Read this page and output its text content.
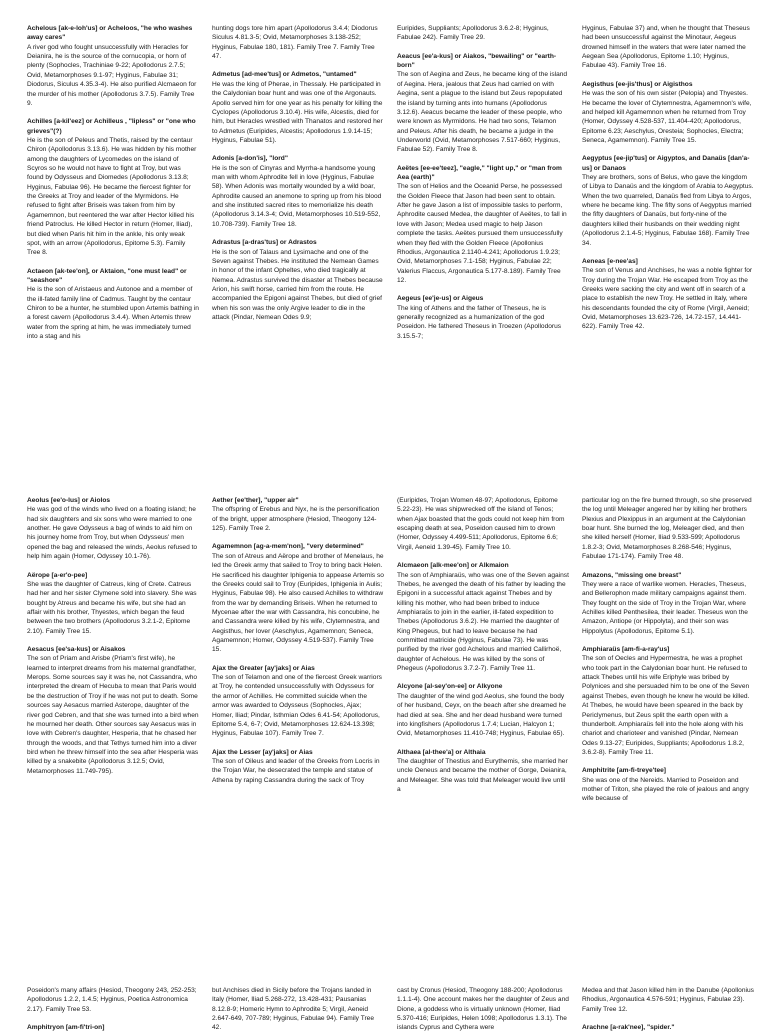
Achelous [ak-e-loh'us] or Acheloos, "he who washes away cares"
A river god who fought unsuccessfully with Heracles for Deianira, he is the source of the cornucopia, or horn of plenty (Sophocles, Trachiniae 9-22; Apollodorus 2.7.5; Ovid, Metamorphoses 9.1-97; Hyginus, Fabulae 31; Diodorus, Siculus 4.35.3-4). He also purified Alcmaeon for the murder of his mother (Apollodorus 3.7.5). Family Tree 9.
Achilles [a-kil'eez] or Achilleus , "lipless" or "one who grieves"(?)
He is the son of Peleus and Thetis, raised by the centaur Chiron (Apollodorus 3.13.6). He was hidden by his mother among the daughters of Lycomedes on the island of Scyros so he would not have to fight at Troy, but was found by Odysseus and Diomedes (Apollodorus 3.13.8; Hyginus, Fabulae 96). He became the fiercest fighter for the Greeks at Troy and leader of the Myrmidons. He refused to fight after Briseis was taken from him by Agamemnon, but reentered the war after Hector killed his friend Patroclus. He killed Hector in return (Homer, Iliad), but died when Paris hit him in the ankle, his only weak spot, with an arrow (Apollodorus, Epitome 5.3). Family Tree 8.
Actaeon [ak-tee'on], or Aktaion, "one must lead" or "seashore"
He is the son of Aristaeus and Autonoe and a member of the ill-fated family line of Cadmus. Taught by the centaur Chiron to be a hunter, he stumbled upon Artemis bathing in a forest cavern (Apollodorus 3.4.4). When Artemis threw water from the spring at him, he was immediately turned into a stag and his
hunting dogs tore him apart (Apollodorus 3.4.4; Diodorus Siculus 4.81.3-5; Ovid, Metamorphoses 3.138-252; Hyginus, Fabulae 180, 181). Family Tree 7. Family Tree 47.
Admetus [ad-mee'tus] or Admetos, "untamed"
He was the king of Pherae, in Thessaly. He participated in the Calydonian boar hunt and was one of the Argonauts. Apollo served him for one year as his penalty for killing the Cyclopes (Apollodorus 3.10.4). His wife, Alcestis, died for him, but Heracles wrestled with Thanatos and restored her to Admetus (Euripides, Alcestis; Apollodorus 1.9.14-15; Hyginus, Fabulae 51).
Adonis [a-don'is], "lord"
He is the son of Cinyras and Myrrha-a handsome young man with whom Aphrodite fell in love (Hyginus, Fabulae 58). When Adonis was mortally wounded by a wild boar, Aphrodite caused an anemone to spring up from his blood and she instituted sacred rites to memorialize his death (Apollodorus 3.14.3-4; Ovid, Metamorphoses 10.519-552, 10.708-739). Family Tree 18.
Adrastus [a-dras'tus] or Adrastos
He is the son of Talaus and Lysimache and one of the Seven against Thebes. He instituted the Nemean Games in honor of the infant Opheltes, who died tragically at Nemea. Adrastus survived the disaster at Thebes because Arion, his swift horse, carried him from the route. He accompanied the Epigoni against Thebes, but died of grief when his son was the only Argive leader to die in the attack (Pindar, Nemean Odes 9.9;
Euripides, Suppliants; Apollodorus 3.6.2-8; Hyginus, Fabulae 242). Family Tree 29.
Aeacus [ee'a-kus] or Aiakos, "bewailing" or "earth-born"
The son of Aegina and Zeus, he became king of the island of Aegina. Hera, jealous that Zeus had carried on with Aegina, sent a plague to the island but Zeus repopulated the island by turning ants into humans (Apollodorus 3.12.6). Aeacus became the leader of these people, who were known as Myrmidons. He had two sons, Telamon and Peleus. After his death, he became a judge in the Underworld (Ovid, Metamorphoses 7.517-660; Hyginus, Fabulae 52). Family Tree 8.
Aeëtes [ee-ee'teez], "eagle," "light up," or "man from Aea (earth)"
The son of Helios and the Oceanid Perse, he possessed the Golden Fleece that Jason had been sent to obtain. After he gave Jason a list of impossible tasks to perform, Aphrodite caused Medea, the daughter of Aeëtes, to fall in love with Jason; Medea used magic to help Jason complete the tasks. Aeëtes pursued them unsuccessfully when they fled with the Golden Fleece (Apollonius Rhodius, Argonautica 2.1140-4.241; Apollodorus 1.9.23; Ovid, Metamorphoses 7.1-158; Hyginus, Fabulae 22; Valerius Flaccus, Argonautica 5.177-8.189). Family Tree 12.
Aegeus [ee'je-us] or Aigeus
The king of Athens and the father of Theseus, he is generally recognized as a humanization of the god Poseidon. He fathered Theseus in Troezen (Apollodorus 3.15.5-7;
Hyginus, Fabulae 37) and, when he thought that Theseus had been unsuccessful against the Minotaur, Aegeus drowned himself in the waters that were later named the Aegean Sea (Apollodorus, Epitome 1.10; Hyginus, Fabulae 43). Family Tree 16.
Aegisthus [ee-jis'thus] or Aigisthos
He was the son of his own sister (Pelopia) and Thyestes. He became the lover of Clytemnestra, Agamemnon's wife, and helped kill Agamemnon when he returned from Troy (Homer, Odyssey 4.528-537, 11.404-420; Apollodorus, Epitome 6.23; Aeschylus, Oresteia; Sophocles, Electra; Seneca, Agamemnon). Family Tree 15.
Aegyptus [ee-jip'tus] or Aigyptos, and Danaüs [dan'a-us] or Danaos
They are brothers, sons of Belus, who gave the kingdom of Libya to Danaüs and the kingdom of Arabia to Aegyptus. When the two quarreled, Danaüs fled from Libya to Argos, where he became king. The fifty sons of Aegyptus married the fifty daughters of Danaüs, but forty-nine of the daughters killed their husbands on their wedding night (Apollodorus 2.1.4-5; Hyginus, Fabulae 168). Family Tree 34.
Aeneas [e-nee'as]
The son of Venus and Anchises, he was a noble fighter for Troy during the Trojan War. He escaped from Troy as the Greeks were sacking the city and went off in search of a place to establish the new Troy. He settled in Italy, where his descendants founded the city of Rome (Virgil, Aeneid; Ovid, Metamorphoses 13.623-726, 14.72-157, 14.441-622). Family Tree 42.
Aeolus [ee'o-lus] or Aiolos
He was god of the winds who lived on a floating island; he had six daughters and six sons who were married to one another. He gave Odysseus a bag of winds to aid him on his journey home from Troy, but when Odysseus' men opened the bag and released the winds, Aeolus refused to help him again (Homer, Odyssey 10.1-76).
Aërope [a-er'o-pee]
She was the daughter of Catreus, king of Crete. Catreus had her and her sister Clymene sold into slavery. She was bought by Atreus and became his wife, but she had an affair with his brother, Thyestes, which began the feud between the two brothers (Apollodorus 3.2.1-2, Epitome 2.10). Family Tree 15.
Aesacus [ee'sa-kus] or Aisakos
The son of Priam and Arisbe (Priam's first wife), he learned to interpret dreams from his maternal grandfather, Merops. Some sources say it was he, not Cassandra, who interpreted the dream of Hecuba to mean that Paris would be the destruction of Troy if he was not put to death. Some sources say Aesacus married Asterope, daughter of the river god Cebren, and that she was turned into a bird when he mourned her death. Other sources say Aesacus was in love with Cebren's daughter, Hesperia, that he chased her through the woods, and that Tethys turned him into a diver bird when he threw himself into the sea after Hesperia was killed by a snakebite (Apollodorus 3.12.5; Ovid, Metamorphoses 11.749-795).
Aether [ee'ther], "upper air"
The offspring of Erebus and Nyx, he is the personification of the bright, upper atmosphere (Hesiod, Theogony 124-125). Family Tree 2.
Agamemnon [ag-a-mem'non], "very determined"
The son of Atreus and Aërope and brother of Menelaus, he led the Greek army that sailed to Troy to bring back Helen. He sacrificed his daughter Iphigenia to appease Artemis so the Greeks could sail to Troy (Euripides, Iphigenia in Aulis; Hyginus, Fabulae 98). He also caused Achilles to withdraw from the war by demanding Briseis. When he returned to Mycenae after the war with Cassandra, his concubine, he and Cassandra were killed by his wife, Clytemnestra, and Aegisthus, her lover (Aeschylus, Agamemnon; Seneca, Agamemnon; Homer, Odyssey 4.519-537). Family Tree 15.
Ajax the Greater [ay'jaks] or Aias
The son of Telamon and one of the fiercest Greek warriors at Troy, he contended unsuccessfully with Odysseus for the armor of Achilles. He committed suicide when the armor was awarded to Odysseus (Sophocles, Ajax; Homer, Iliad; Pindar, Isthmian Odes 6.41-54; Apollodorus, Epitome 5.4, 6-7; Ovid, Metamorphoses 12.624-13.398; Hyginus, Fabulae 107). Family Tree 7.
Ajax the Lesser [ay'jaks] or Aias
The son of Oileus and leader of the Greeks from Locris in the Trojan War, he desecrated the temple and statue of Athena by raping Cassandra during the sack of Troy
(Euripides, Trojan Women 48-97; Apollodorus, Epitome 5.22-23). He was shipwrecked off the island of Tenos; when Ajax boasted that the gods could not keep him from escaping death at sea, Poseidon caused him to drown (Homer, Odyssey 4.499-511; Apollodorus, Epitome 6.6; Virgil, Aeneid 1.39-45). Family Tree 10.
Alcmaeon [alk-mee'on] or Alkmaion
The son of Amphiaraüs, who was one of the Seven against Thebes, he avenged the death of his father by leading the Epigoni in a successful attack against Thebes and by killing his mother, who had been bribed to induce Amphiaraüs to join in the earlier, ill-fated expedition to Thebes (Apollodorus 3.6.2). He married the daughter of King Phegeus, but had to leave because he had committed matricide (Hyginus, Fabulae 73). He was purified by the river god Achelous and married Callirhoë, daughter of Achelous. He was killed by the sons of Phegeus (Apollodorus 3.7.2-7). Family Tree 11.
Alcyone [al-sey'on-ee] or Alkyone
The daughter of the wind god Aeolus, she found the body of her husband, Ceyx, on the beach after she dreamed he had died at sea. She and her dead husband were turned into kingfishers (Apollodorus 1.7.4; Lucian, Halcyon 1; Ovid, Metamorphoses 11.410-748; Hyginus, Fabulae 65).
Althaea [al-thee'a] or Althaia
The daughter of Thestius and Eurythemis, she married her uncle Oeneus and became the mother of Gorge, Deianira, and Meleager. She was told that Meleager would live until a
particular log on the fire burned through, so she preserved the log until Meleager angered her by killing her brothers Plexius and Plexippus in an argument at the Calydonian boar hunt. She burned the log, Meleager died, and then she killed herself (Homer, Iliad 9.533-599; Apollodorus 1.8.2-3; Ovid, Metamorphoses 8.268-546; Hyginus, Fabulae 171-174). Family Tree 48.
Amazons, "missing one breast"
They were a race of warlike women. Heracles, Theseus, and Bellerophon made military campaigns against them. They fought on the side of Troy in the Trojan War, where Achilles killed Penthesilea, their leader. Theseus won the Amazon, Antiope (or Hippolyta), and their son was Hippolytus (Apollodorus, Epitome 5.1).
Amphiaraüs [am-fi-a-ray'us]
The son of Oecles and Hypermestra, he was a prophet who took part in the Calydonian boar hunt. He refused to attack Thebes until his wife Eriphyle was bribed by Polynices and she persuaded him to be one of the Seven against Thebes, even though he knew he would be killed. At Thebes, he would have been speared in the back by Periclymenus, but Zeus split the earth open with a thunderbolt. Amphiaraüs fell into the hole along with his chariot and charioteer and vanished (Pindar, Nemean Odes 9.13-27; Euripides, Suppliants; Apollodorus 1.8.2, 3.6.2-8). Family Tree 11.
Amphitrite [am-fi-treye'tee]
She was one of the Nereids. Married to Poseidon and mother of Triton, she played the role of jealous and angry wife because of
Poseidon's many affairs (Hesiod, Theogony 243, 252-253; Apollodorus 1.2.2, 1.4.5; Hyginus, Poetica Astronomica 2.17). Family Tree 53.
Amphitryon [am-fi'tri-on]
but Anchises died in Sicily before the Trojans landed in Italy (Homer, Iliad 5.268-272, 13.428-431; Pausanias 8.12.8-9; Homeric Hymn to Aphrodite 5; Virgil, Aeneid 2.647-649, 707-789; Hyginus, Fabulae 94). Family Tree 42.
cast by Cronus (Hesiod, Theogony 188-200; Apollodorus 1.1.1-4). One account makes her the daughter of Zeus and Dione, a goddess who is virtually unknown (Homer, Iliad 5.370-416; Euripides, Helen 1098; Apollodorus 1.3.1). The islands Cyprus and Cythera were
Medea and that Jason killed him in the Danube (Apollonius Rhodius, Argonautica 4.576-591; Hyginus, Fabulae 23). Family Tree 12.
Arachne [a-rak'nee], "spider."
